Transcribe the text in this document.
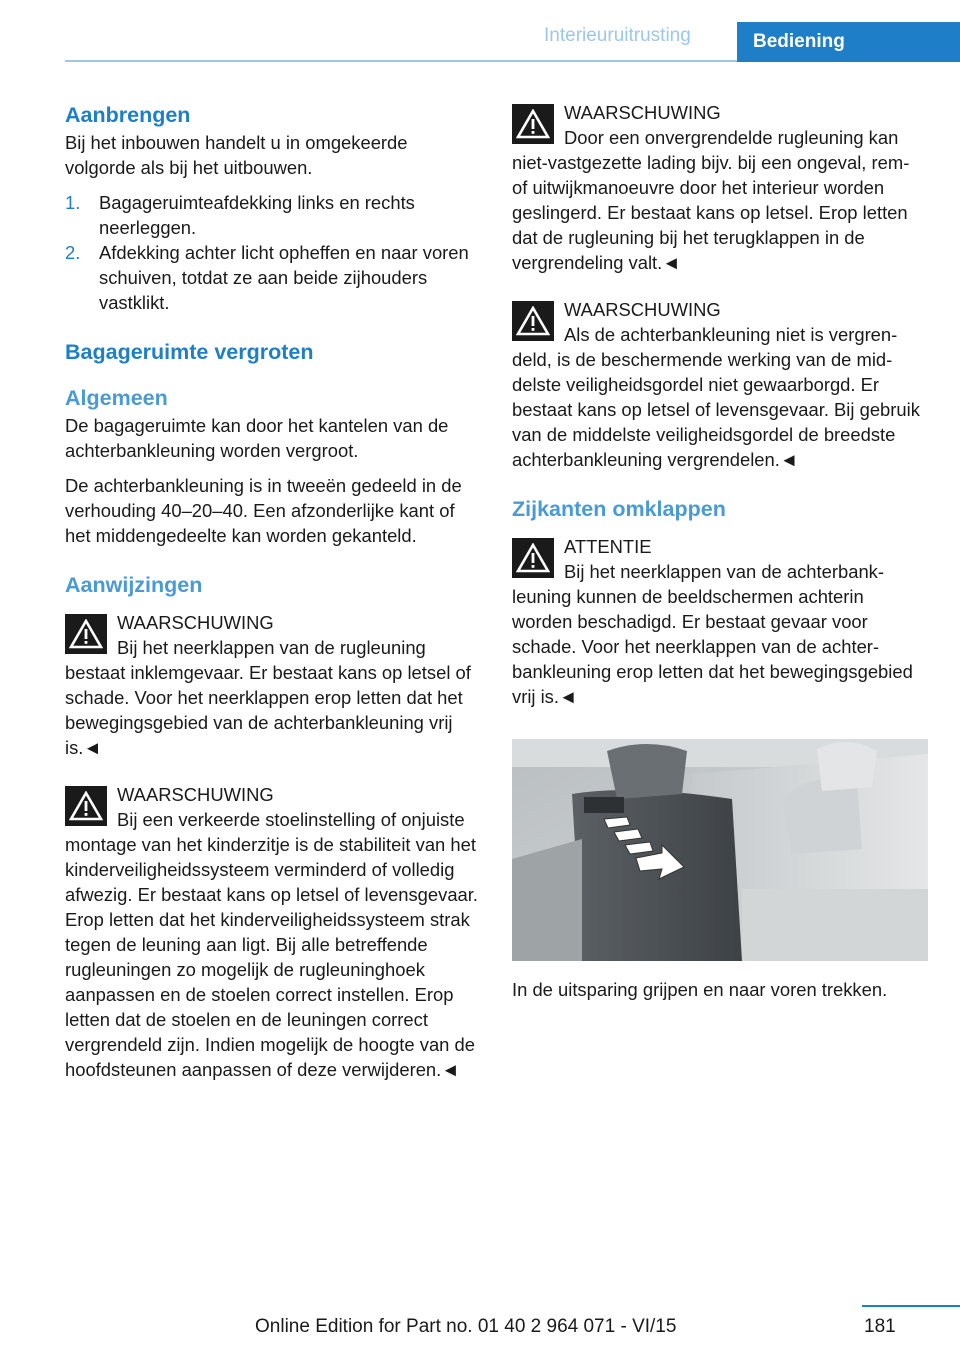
Interieuruitrusting	Bediening
Aanbrengen

Bij het inbouwen handelt u in omgekeerde volgorde als bij het uitbouwen.

1. Bagageruimteafdekking links en rechts neerleggen.
2. Afdekking achter licht opheffen en naar voren schuiven, totdat ze aan beide zijhouders vastklikt.
Bagageruimte vergroten
Algemeen

De bagageruimte kan door het kantelen van de achterbankleuning worden vergroot.

De achterbankleuning is in tweeën gedeeld in de verhouding 40–20–40. Een afzonderlijke kant of het middengedeelte kan worden gekanteld.

Aanwijzingen
WAARSCHUWING
Bij het neerklappen van de rugleuning bestaat inklemgevaar. Er bestaat kans op letsel of schade. Voor het neerklappen erop letten dat het bewegingsgebied van de achterbankleuning vrij is.◄
WAARSCHUWING
Bij een verkeerde stoelinstelling of onjuiste montage van het kinderzitje is de stabiliteit van het kinderveiligheidssysteem verminderd of volledig afwezig. Er bestaat kans op letsel of levensgevaar. Erop letten dat het kinderveiligheidssysteem strak tegen de leuning aan ligt. Bij alle betreffende rugleuningen zo mogelijk de rugleuninghoek aanpassen en de stoelen correct instellen. Erop letten dat de stoelen en de leuningen correct vergrendeld zijn. Indien mogelijk de hoogte van de hoofdsteunen aanpassen of deze verwijderen.◄
WAARSCHUWING
Door een onvergrendelde rugleuning kan niet-vastgezette lading bijv. bij een ongeval, rem- of uitwijkmanoeuvre door het interieur worden geslingerd. Er bestaat kans op letsel. Erop letten dat de rugleuning bij het terugklappen in de vergrendeling valt.◄
WAARSCHUWING
Als de achterbankleuning niet is vergrendeld, is de beschermende werking van de middelste veiligheidsgordel niet gewaarborgd. Er bestaat kans op letsel of levensgevaar. Bij gebruik van de middelste veiligheidsgordel de breedste achterbankleuning vergrendelen.◄
Zijkanten omklappen
ATTENTIE
Bij het neerklappen van de achterbankleuning kunnen de beeldschermen achterin worden beschadigd. Er bestaat gevaar voor schade. Voor het neerklappen van de achterbankleuning erop letten dat het bewegingsgebied vrij is.◄

In de uitsparing grijpen en naar voren trekken.

181
Online Edition for Part no. 01 40 2 964 071 - VI/15
